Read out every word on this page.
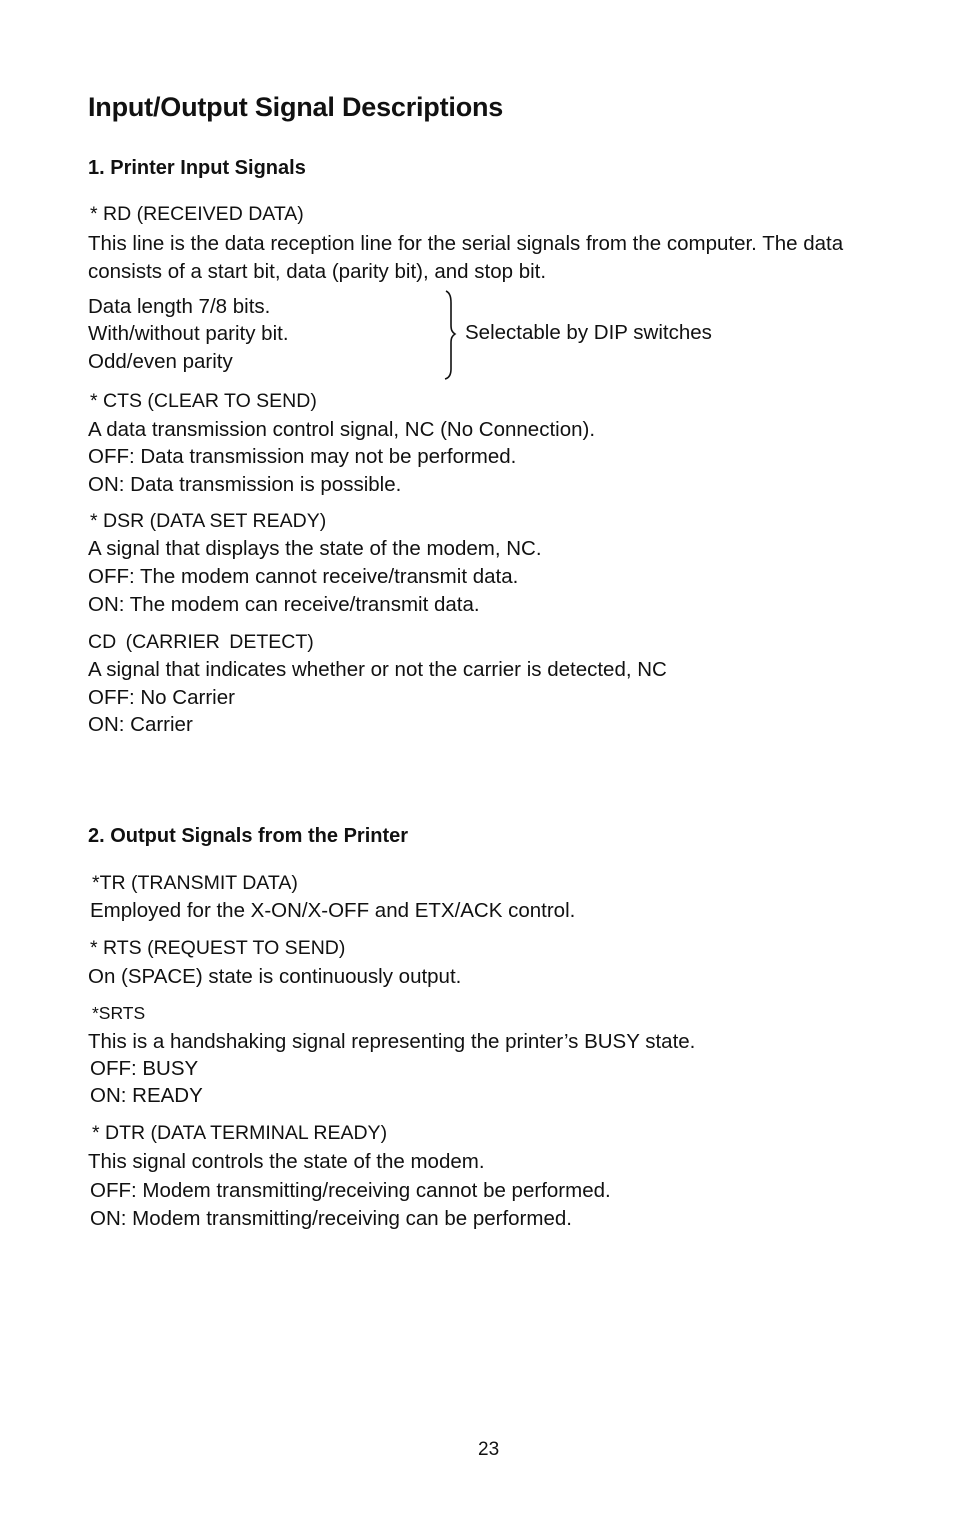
Input/Output Signal Descriptions
1. Printer Input Signals
* RD (RECEIVED DATA)
This line is the data reception line for the serial signals from the computer. The data
consists of a start bit, data (parity bit), and stop bit.
Data length 7/8 bits.
With/without parity bit.
Odd/even parity
Selectable by DIP switches
* CTS (CLEAR TO SEND)
A data transmission control signal, NC (No Connection).
OFF: Data transmission may not be performed.
ON: Data transmission is possible.
* DSR (DATA SET READY)
A signal that displays the state of the modem, NC.
OFF: The modem cannot receive/transmit data.
ON: The modem can receive/transmit data.
CD (CARRIER DETECT)
A signal that indicates whether or not the carrier is detected, NC
OFF: No Carrier
ON: Carrier
2. Output Signals from the Printer
*TR (TRANSMIT DATA)
Employed for the X-ON/X-OFF and ETX/ACK control.
* RTS (REQUEST TO SEND)
On (SPACE) state is continuously output.
*SRTS
This is a handshaking signal representing the printer’s BUSY state.
OFF: BUSY
ON: READY
* DTR (DATA TERMINAL READY)
This signal controls the state of the modem.
OFF: Modem transmitting/receiving cannot be performed.
ON: Modem transmitting/receiving can be performed.
23
